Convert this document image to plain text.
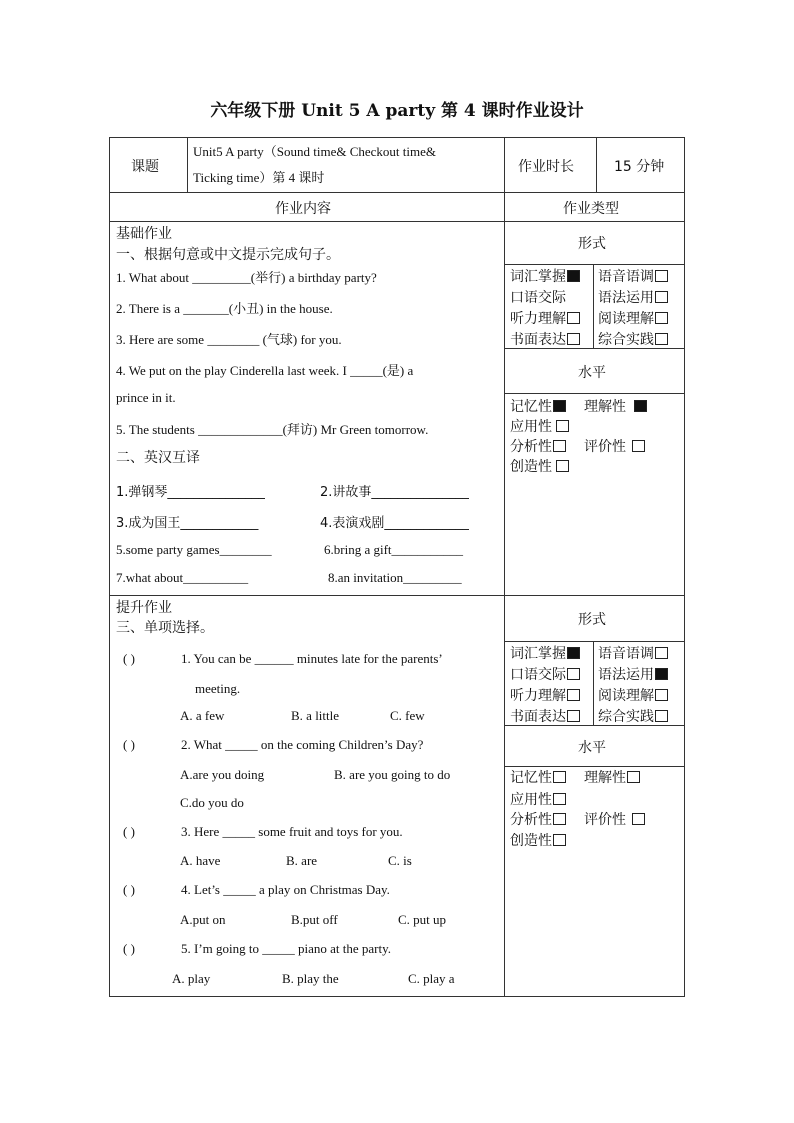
六年级下册 Unit 5 A party 第 4 课时作业设计
课题
Unit5 A party（Sound time& Checkout time&
Ticking time）第 4 课时
作业时长	15 分钟
作业内容	作业类型
基础作业
一、根据句意或中文提示完成句子。
1. What about _________(举行) a birthday party?
2. There is a _______(小丑) in the house.
3. Here are some ________ (气球) for you.
4. We put on the play Cinderella last week. I _____(是) a
prince in it.
5. The students _____________(拜访) Mr Green tomorrow.
二、英汉互译
1.弹钢琴_______________	2.讲故事_______________
3.成为国王____________	4.表演戏剧_____________
5.some party games________	6.bring a gift___________
7.what about__________	8.an invitation_________
提升作业
三、单项选择。
( )	1. You can be ______ minutes late for the parents’
meeting.
A. a few	B. a little	C. few
( )	2. What _____ on the coming Children’s Day?
A.are you doing	B. are you going to do
C.do you do
( )	3. Here _____ some fruit and toys for you.
A. have	B. are	C. is
( )	4. Let’s _____ a play on Christmas Day.
A.put on	B.put off	C. put up
( )	5. I’m going to _____ piano at the party.
A. play	B. play the	C. play a
形式
词汇掌握	语音语调
口语交际 语法运用
听力理解	阅读理解
书面表达	综合实践
水平
记忆性	理解性
应用性
分析性	评价性
创造性
形式
词汇掌握	语音语调
口语交际	语法运用
听力理解	阅读理解
书面表达	综合实践
水平
记忆性	理解性
应用性
分析性	评价性
创造性
